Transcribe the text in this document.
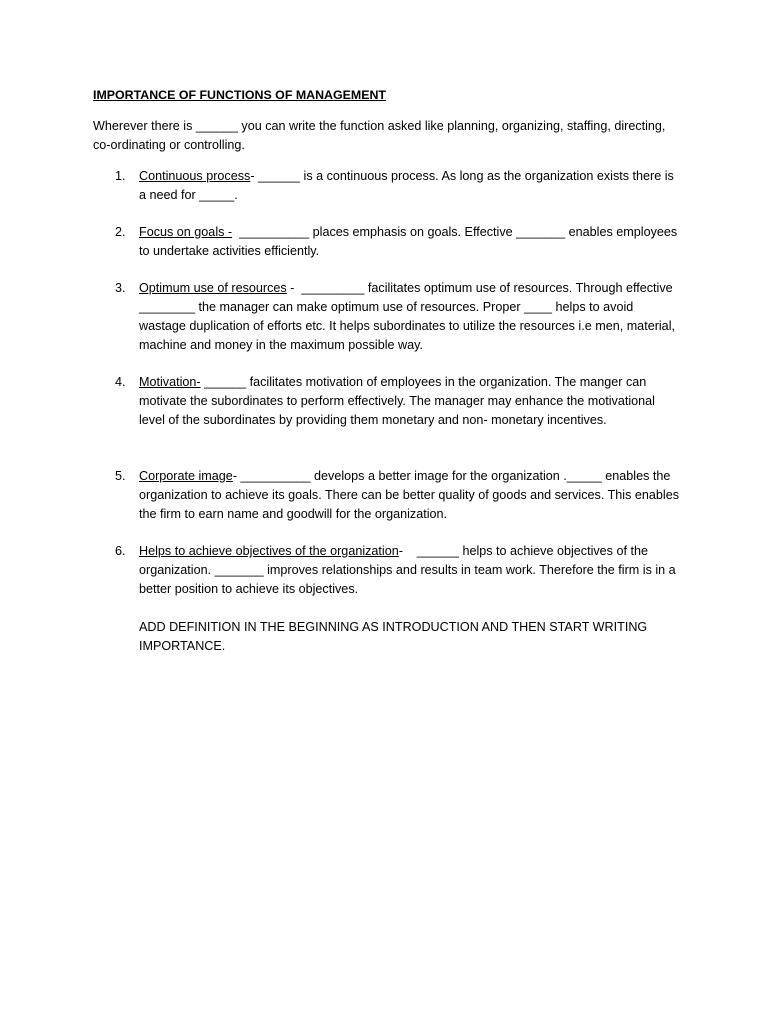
IMPORTANCE OF FUNCTIONS OF MANAGEMENT
Wherever there is ______ you can write the function asked like planning, organizing, staffing, directing, co-ordinating or controlling.
1.	Continuous process- ______ is a continuous process. As long as the organization exists there is a need for _____.
2.	Focus on goals -  __________ places emphasis on goals. Effective _______ enables employees to undertake activities efficiently.
3.	Optimum use of resources -  _________ facilitates optimum use of resources. Through effective ________ the manager can make optimum use of resources. Proper ____ helps to avoid wastage duplication of efforts etc. It helps subordinates to utilize the resources i.e men, material, machine and money in the maximum possible way.
4.	Motivation- ______ facilitates motivation of employees in the organization. The manger can motivate the subordinates to perform effectively. The manager may enhance the motivational level of the subordinates by providing them monetary and non- monetary incentives.
5.	Corporate image- __________ develops a better image for the organization ._____ enables the organization to achieve its goals. There can be better quality of goods and services. This enables the firm to earn name and goodwill for the organization.
6.	Helps to achieve objectives of the organization-    ______ helps to achieve objectives of the organization. _______ improves relationships and results in team work. Therefore the firm is in a better position to achieve its objectives.
ADD DEFINITION IN THE BEGINNING AS INTRODUCTION AND THEN START WRITING IMPORTANCE.
